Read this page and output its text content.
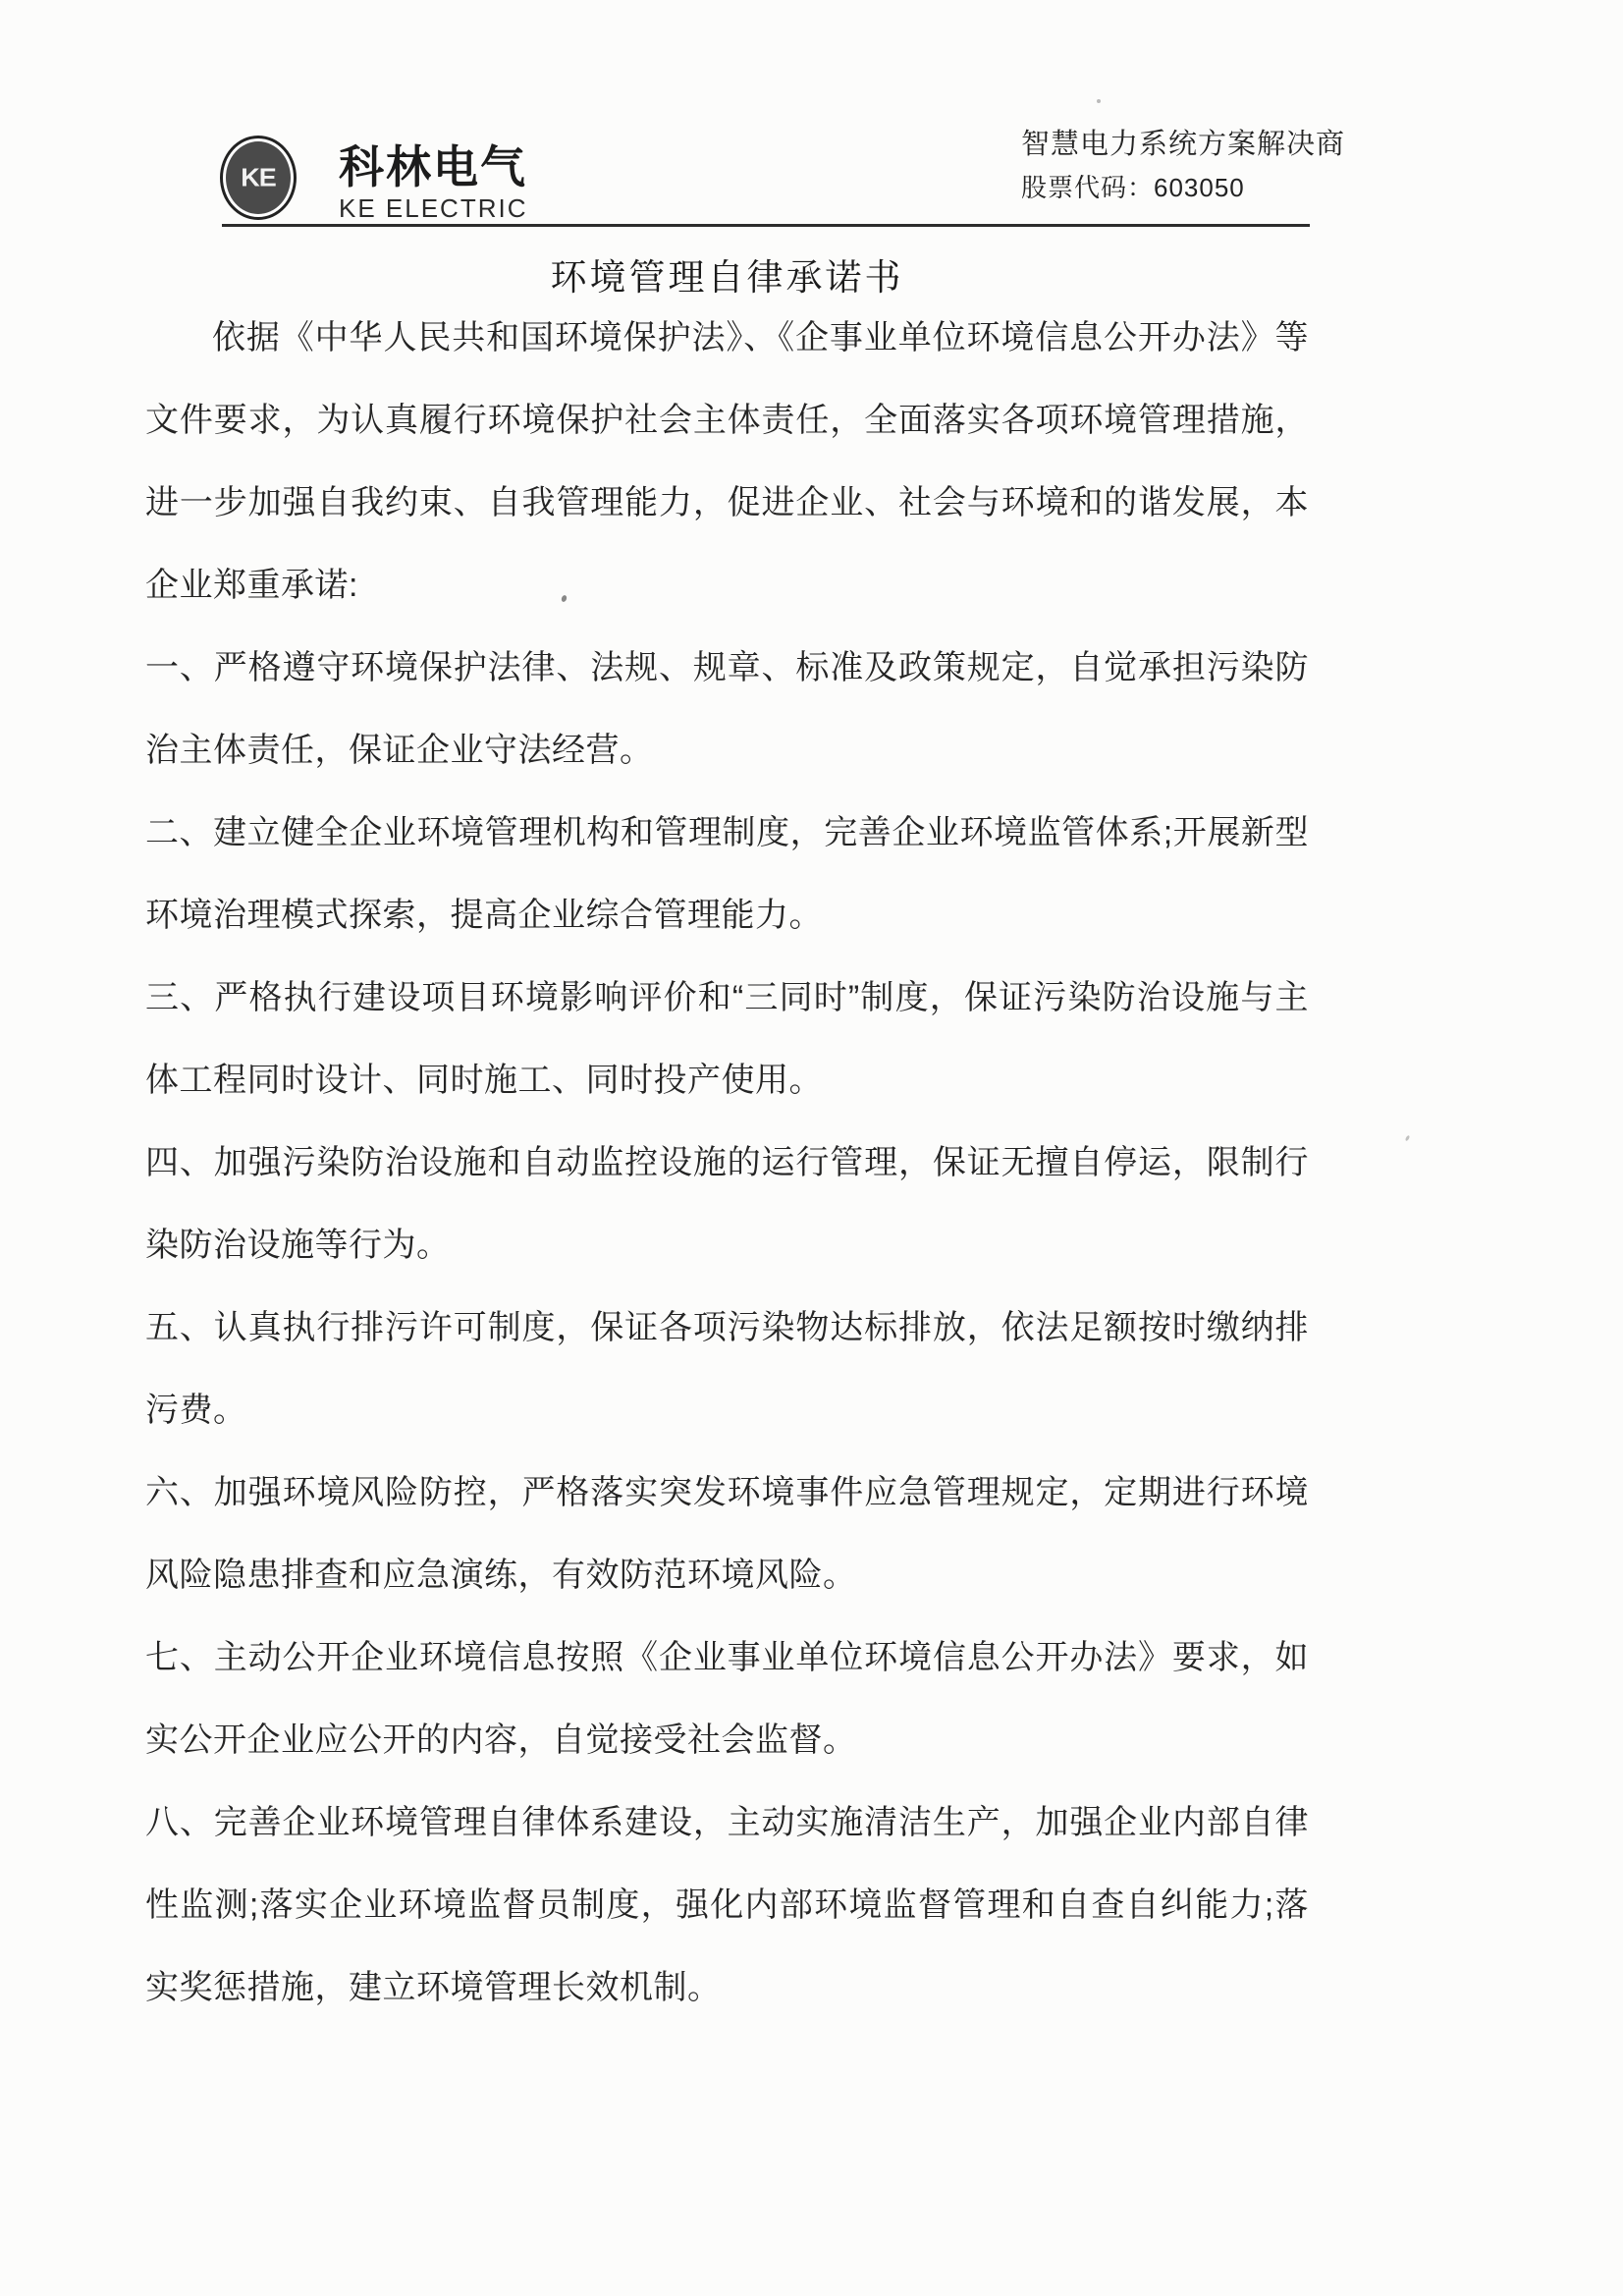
KE 科林电气
KE ELECTRIC
智慧电力系统方案解决商
股票代码：603050
环境管理自律承诺书

依据《中华人民共和国环境保护法》、《企事业单位环境信息公开办法》等文件要求，为认真履行环境保护社会主体责任，全面落实各项环境管理措施，进一步加强自我约束、自我管理能力，促进企业、社会与环境和的谐发展，本企业郑重承诺:

一、严格遵守环境保护法律、法规、规章、标准及政策规定，自觉承担污染防治主体责任，保证企业守法经营。

二、建立健全企业环境管理机构和管理制度，完善企业环境监管体系;开展新型环境治理模式探索，提高企业综合管理能力。

三、严格执行建设项目环境影响评价和“三同时”制度，保证污染防治设施与主体工程同时设计、同时施工、同时投产使用。

四、加强污染防治设施和自动监控设施的运行管理，保证无擅自停运，限制行染防治设施等行为。

五、认真执行排污许可制度，保证各项污染物达标排放，依法足额按时缴纳排污费。

六、加强环境风险防控，严格落实突发环境事件应急管理规定，定期进行环境风险隐患排查和应急演练，有效防范环境风险。

七、主动公开企业环境信息按照《企业事业单位环境信息公开办法》要求，如实公开企业应公开的内容，自觉接受社会监督。

八、完善企业环境管理自律体系建设，主动实施清洁生产，加强企业内部自律性监测;落实企业环境监督员制度，强化内部环境监督管理和自查自纠能力;落实奖惩措施，建立环境管理长效机制。
